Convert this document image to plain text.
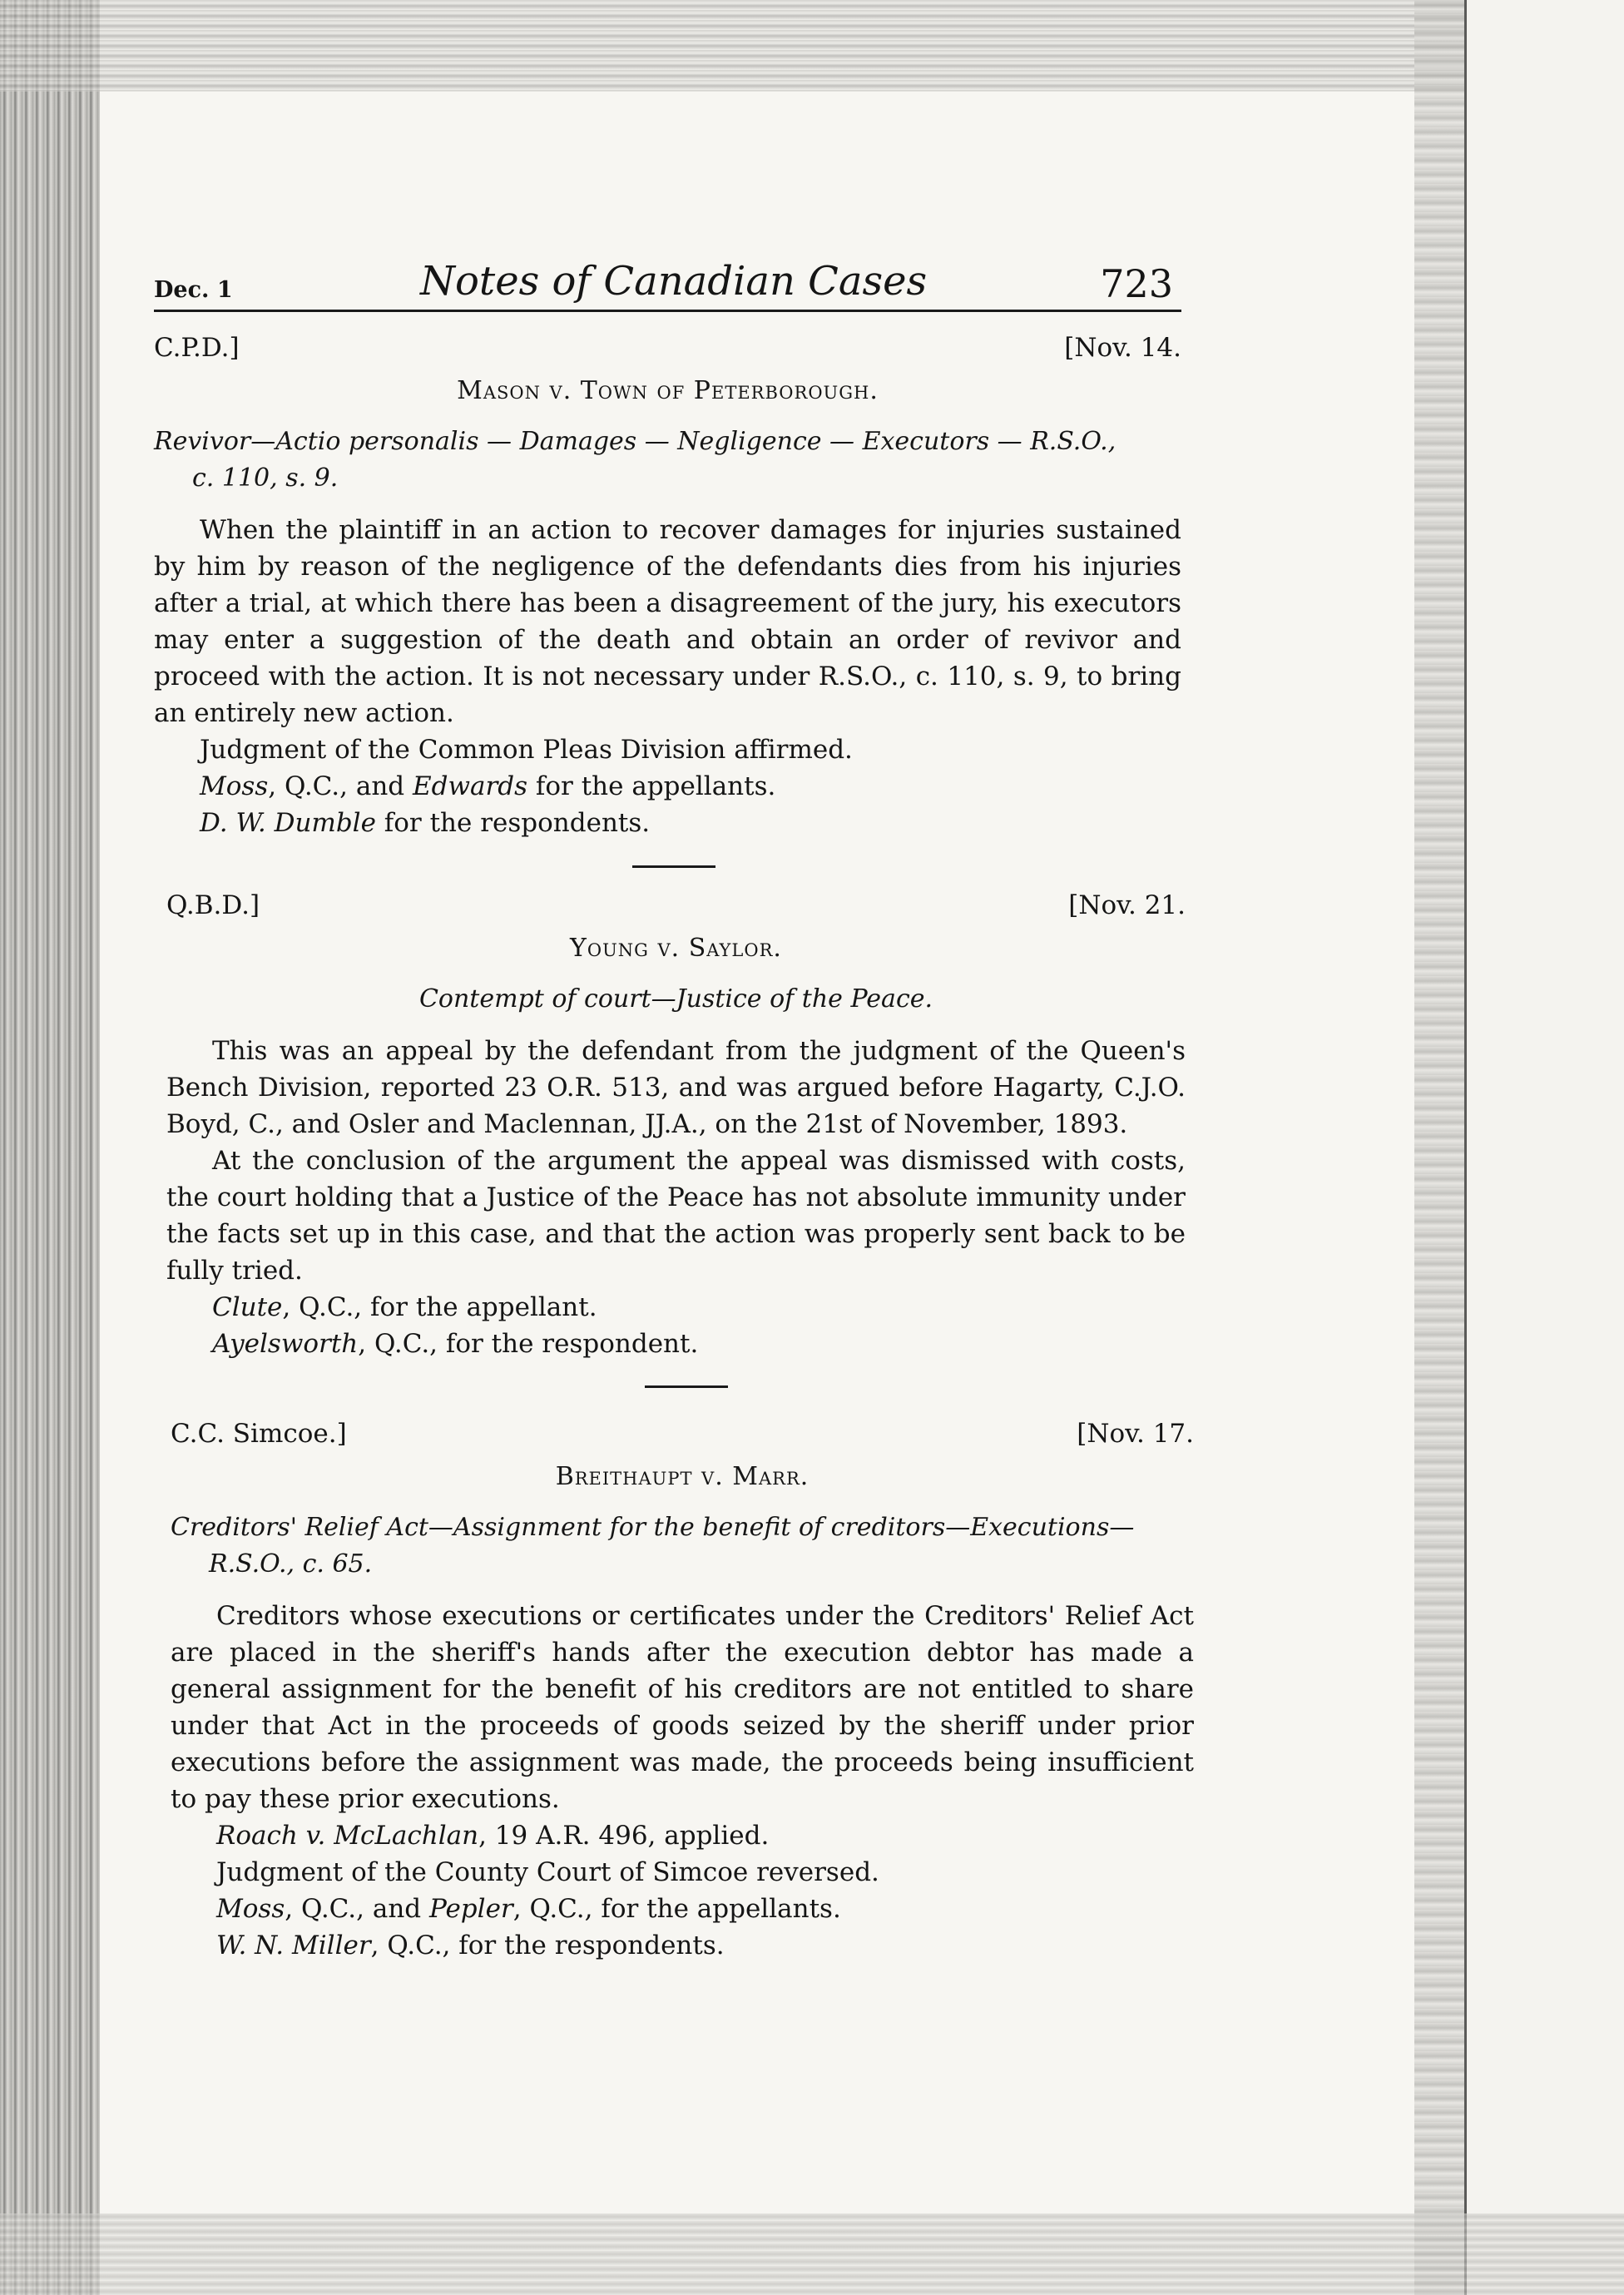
Dec. 1	Notes of Canadian Cases	723
C.P.D.]	[Nov. 14.
Mason v. Town of Peterborough.
Revivor—Actio personalis — Damages — Negligence — Executors — R.S.O.,
c. 110, s. 9.
When the plaintiff in an action to recover damages for injuries sustained by him by reason of the negligence of the defendants dies from his injuries after a trial, at which there has been a disagreement of the jury, his executors may enter a suggestion of the death and obtain an order of revivor and proceed with the action. It is not necessary under R.S.O., c. 110, s. 9, to bring an entirely new action.
Judgment of the Common Pleas Division affirmed.
Moss, Q.C., and Edwards for the appellants.
D. W. Dumble for the respondents.
Q.B.D.]	[Nov. 21.
Young v. Saylor.
Contempt of court—Justice of the Peace.
This was an appeal by the defendant from the judgment of the Queen's Bench Division, reported 23 O.R. 513, and was argued before Hagarty, C.J.O. Boyd, C., and Osler and Maclennan, JJ.A., on the 21st of November, 1893.
At the conclusion of the argument the appeal was dismissed with costs, the court holding that a Justice of the Peace has not absolute immunity under the facts set up in this case, and that the action was properly sent back to be fully tried.
Clute, Q.C., for the appellant.
Ayelsworth, Q.C., for the respondent.
C.C. Simcoe.]	[Nov. 17.
Breithaupt v. Marr.
Creditors' Relief Act—Assignment for the benefit of creditors—Executions—
R.S.O., c. 65.
Creditors whose executions or certificates under the Creditors' Relief Act are placed in the sheriff's hands after the execution debtor has made a general assignment for the benefit of his creditors are not entitled to share under that Act in the proceeds of goods seized by the sheriff under prior executions before the assignment was made, the proceeds being insufficient to pay these prior executions.
Roach v. McLachlan, 19 A.R. 496, applied.
Judgment of the County Court of Simcoe reversed.
Moss, Q.C., and Pepler, Q.C., for the appellants.
W. N. Miller, Q.C., for the respondents.
